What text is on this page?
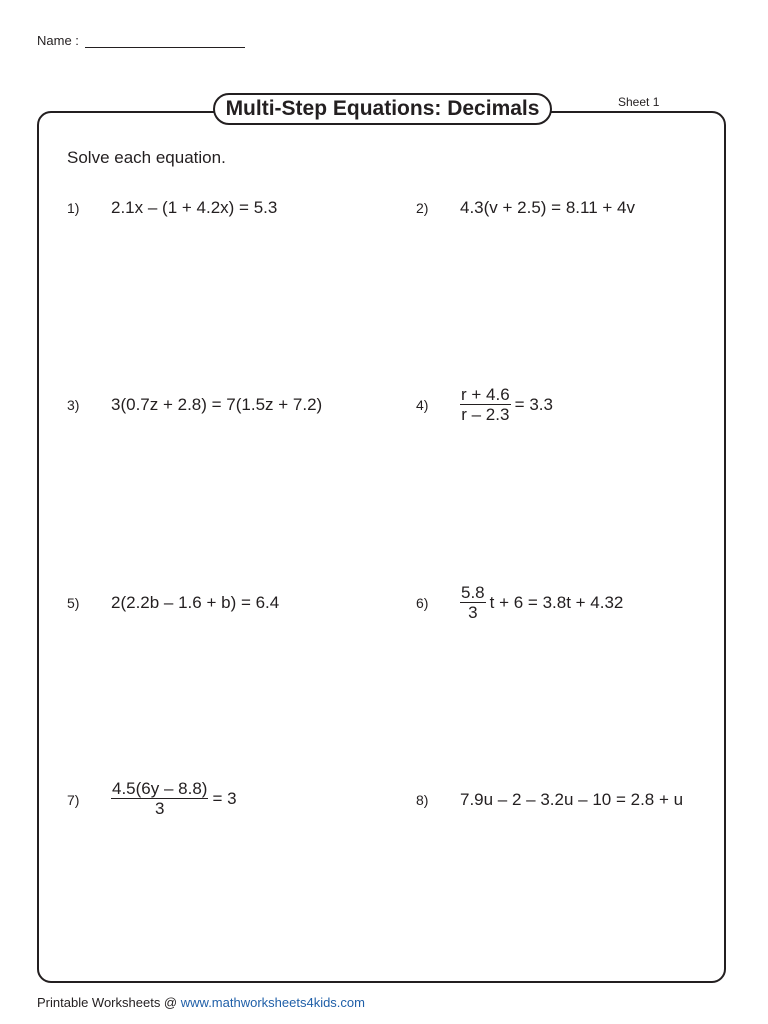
Name :
Sheet 1
Multi-Step Equations: Decimals
Solve each equation.
1) 2.1x – (1 + 4.2x) = 5.3	2) 4.3(v + 2.5) = 8.11 + 4v
3) 3(0.7z + 2.8) = 7(1.5z + 7.2)	$4) \frac{r + 4.6}{r - 2.3} = 3.3$
5) 2(2.2b – 1.6 + b) = 6.4	$6) \frac{5.8}{3}$ t + 6 = 3.8t + 4.32
$7) \frac{4.5(6y - 8.8)}{3} = 3$	8) 7.9u – 2 – 3.2u – 10 = 2.8 + u
Printable Worksheets @ www.mathworksheets4kids.com
